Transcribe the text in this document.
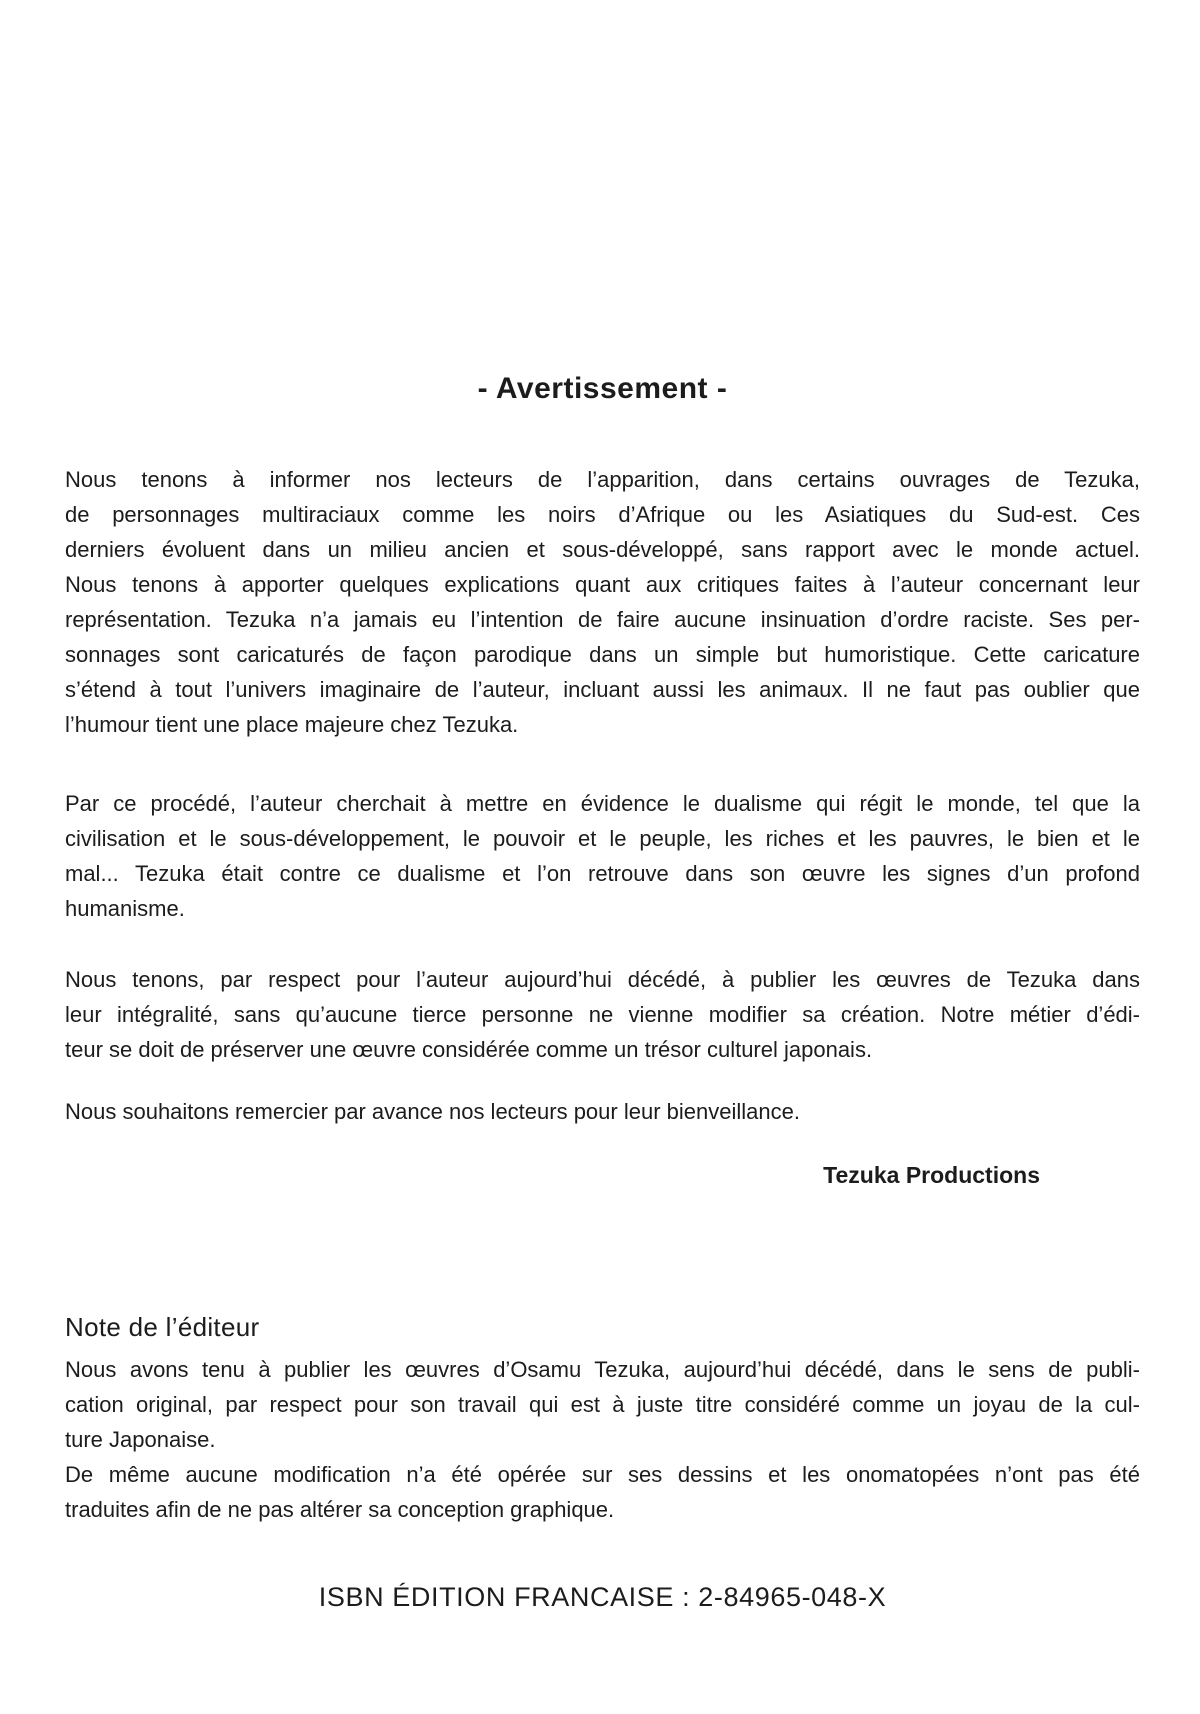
- Avertissement -
Nous tenons à informer nos lecteurs de l’apparition, dans certains ouvrages de Tezuka,
de personnages multiraciaux comme les noirs d’Afrique ou les Asiatiques du Sud-est. Ces
derniers évoluent dans un milieu ancien et sous-développé, sans rapport avec le monde actuel.
Nous tenons à apporter quelques explications quant aux critiques faites à l’auteur concernant leur
représentation. Tezuka n’a jamais eu l’intention de faire aucune insinuation d’ordre raciste. Ses per-
sonnages sont caricaturés de façon parodique dans un simple but humoristique. Cette caricature
s’étend à tout l’univers imaginaire de l’auteur, incluant aussi les animaux. Il ne faut pas oublier que
l’humour tient une place majeure chez Tezuka.
Par ce procédé, l’auteur cherchait à mettre en évidence le dualisme qui régit le monde, tel que la
civilisation et le sous-développement, le pouvoir et le peuple, les riches et les pauvres, le bien et le
mal... Tezuka était contre ce dualisme et l’on retrouve dans son œuvre les signes d’un profond
humanisme.
Nous tenons, par respect pour l’auteur aujourd’hui décédé, à publier les œuvres de Tezuka dans
leur intégralité, sans qu’aucune tierce personne ne vienne modifier sa création. Notre métier d’édi-
teur se doit de préserver une œuvre considérée comme un trésor culturel japonais.
Nous souhaitons remercier par avance nos lecteurs pour leur bienveillance.
Tezuka Productions
Note de l’éditeur
Nous avons tenu à publier les œuvres d’Osamu Tezuka, aujourd’hui décédé, dans le sens de publi-
cation original, par respect pour son travail qui est à juste titre considéré comme un joyau de la cul-
ture Japonaise.
De même aucune modification n’a été opérée sur ses dessins et les onomatopées n’ont pas été
traduites afin de ne pas altérer sa conception graphique.
ISBN ÉDITION FRANCAISE : 2-84965-048-X
